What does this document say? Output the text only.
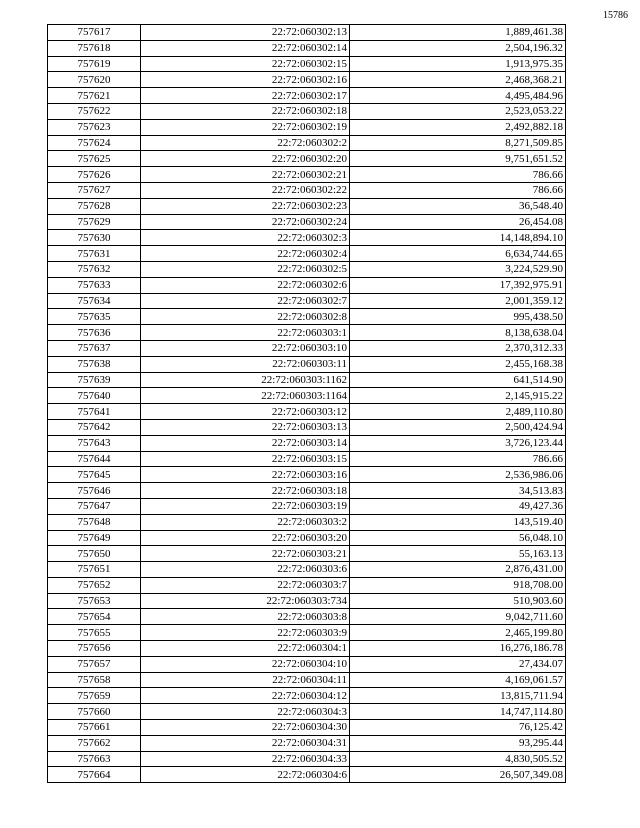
15786
757617	22:72:060302:13	1,889,461.38
757618	22:72:060302:14	2,504,196.32
757619	22:72:060302:15	1,913,975.35
757620	22:72:060302:16	2,468,368.21
757621	22:72:060302:17	4,495,484.96
757622	22:72:060302:18	2,523,053.22
757623	22:72:060302:19	2,492,882.18
757624	22:72:060302:2	8,271,509.85
757625	22:72:060302:20	9,751,651.52
757626	22:72:060302:21	786.66
757627	22:72:060302:22	786.66
757628	22:72:060302:23	36,548.40
757629	22:72:060302:24	26,454.08
757630	22:72:060302:3	14,148,894.10
757631	22:72:060302:4	6,634,744.65
757632	22:72:060302:5	3,224,529.90
757633	22:72:060302:6	17,392,975.91
757634	22:72:060302:7	2,001,359.12
757635	22:72:060302:8	995,438.50
757636	22:72:060303:1	8,138,638.04
757637	22:72:060303:10	2,370,312.33
757638	22:72:060303:11	2,455,168.38
757639	22:72:060303:1162	641,514.90
757640	22:72:060303:1164	2,145,915.22
757641	22:72:060303:12	2,489,110.80
757642	22:72:060303:13	2,500,424.94
757643	22:72:060303:14	3,726,123.44
757644	22:72:060303:15	786.66
757645	22:72:060303:16	2,536,986.06
757646	22:72:060303:18	34,513.83
757647	22:72:060303:19	49,427.36
757648	22:72:060303:2	143,519.40
757649	22:72:060303:20	56,048.10
757650	22:72:060303:21	55,163.13
757651	22:72:060303:6	2,876,431.00
757652	22:72:060303:7	918,708.00
757653	22:72:060303:734	510,903.60
757654	22:72:060303:8	9,042,711.60
757655	22:72:060303:9	2,465,199.80
757656	22:72:060304:1	16,276,186.78
757657	22:72:060304:10	27,434.07
757658	22:72:060304:11	4,169,061.57
757659	22:72:060304:12	13,815,711.94
757660	22:72:060304:3	14,747,114.80
757661	22:72:060304:30	76,125.42
757662	22:72:060304:31	93,295.44
757663	22:72:060304:33	4,830,505.52
757664	22:72:060304:6	26,507,349.08
